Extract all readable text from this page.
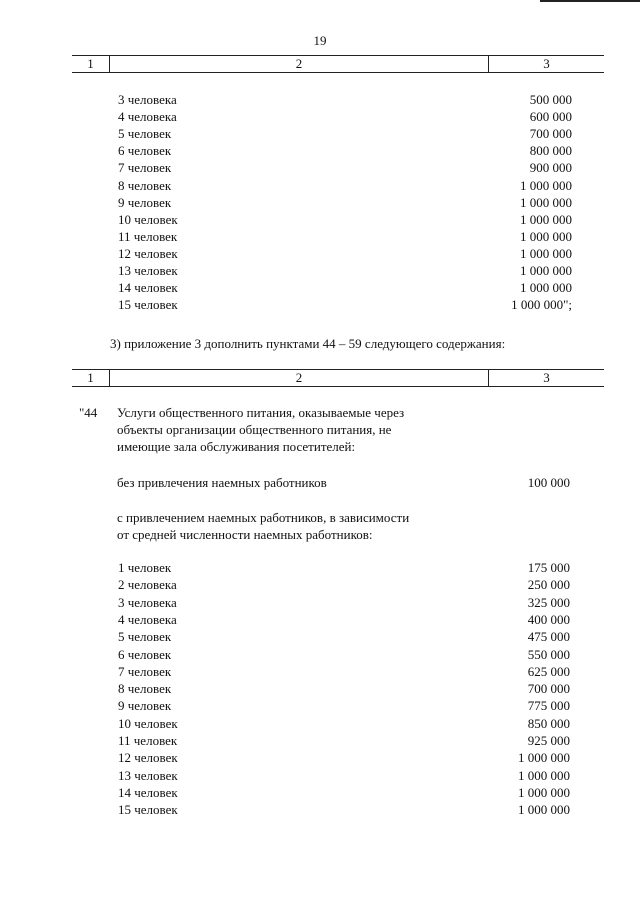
19
1	2	3
3 человека	500 000
4 человека	600 000
5 человек	700 000
6 человек	800 000
7 человек	900 000
8 человек	1 000 000
9 человек	1 000 000
10 человек	1 000 000
11 человек	1 000 000
12 человек	1 000 000
13 человек	1 000 000
14 человек	1 000 000
15 человек	1 000 000";
3) приложение 3 дополнить пунктами 44 – 59 следующего содержания:
1	2	3
"44 Услуги общественного питания, оказываемые через
объекты организации общественного питания, не
имеющие зала обслуживания посетителей:
без привлечения наемных работников	100 000
с привлечением наемных работников, в зависимости
от средней численности наемных работников:
1 человек	175 000
2 человека	250 000
3 человека	325 000
4 человека	400 000
5 человек	475 000
6 человек	550 000
7 человек	625 000
8 человек	700 000
9 человек	775 000
10 человек	850 000
11 человек	925 000
12 человек	1 000 000
13 человек	1 000 000
14 человек	1 000 000
15 человек	1 000 000
